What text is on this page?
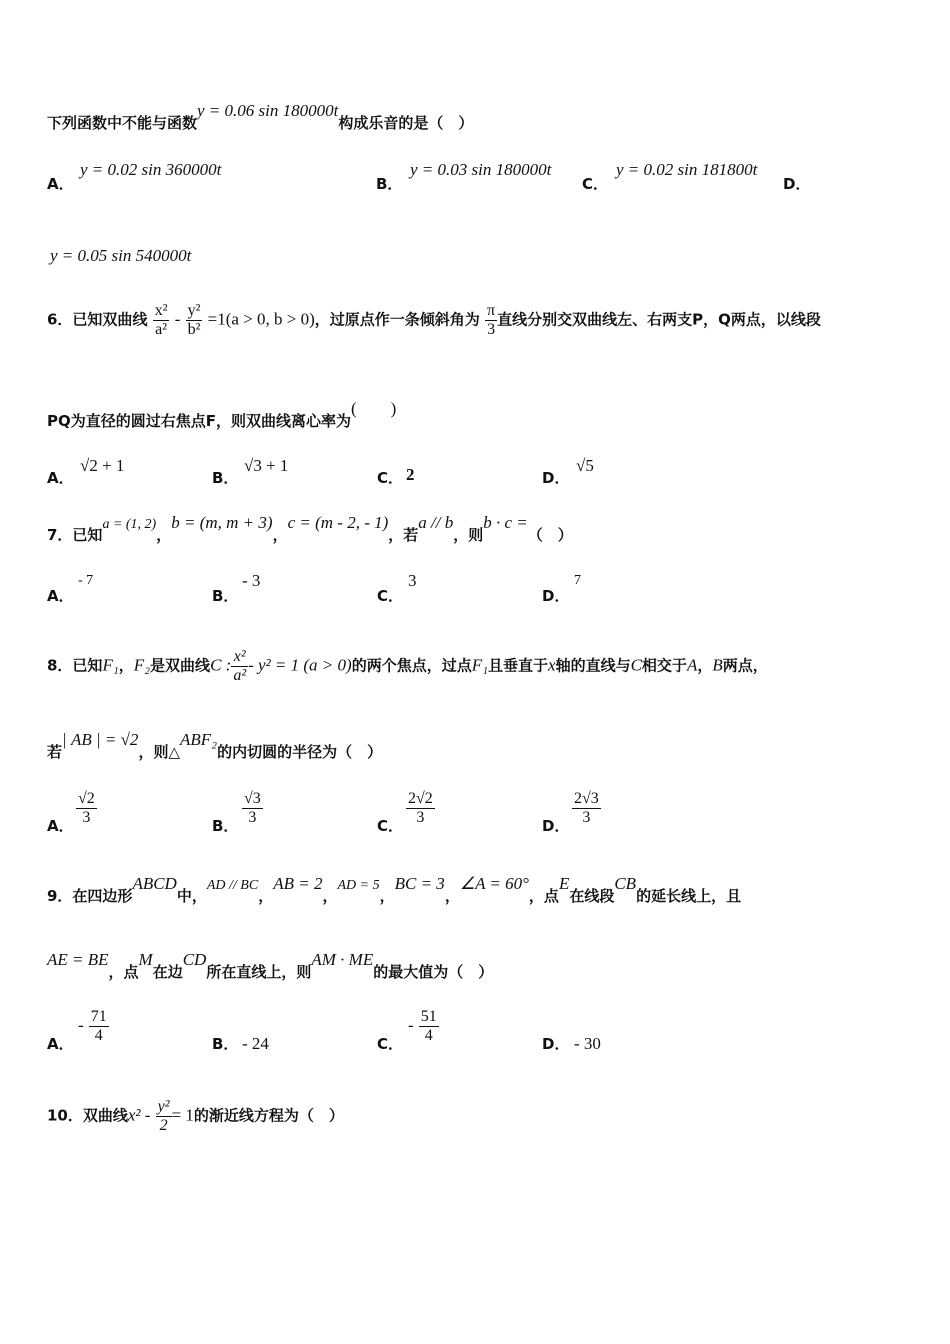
下列函数中不能与函数y = 0.06 sin 180000t构成乐音的是（　）
A．
y = 0.02 sin 360000t
B．
y = 0.03 sin 180000t
C．
y = 0.02 sin 181800t
D．
y = 0.05 sin 540000t
6．已知双曲线 $\frac{\text{x²}}{\text{a²}} - \frac{\text{y²}}{\text{b²}} =1(a > 0$, b > 0)，过原点作一条倾斜角为 $\frac{\pi}{3}$ 直线分别交双曲线左、右两支P，Q两点，以线段
PQ为直径的圆过右焦点F，则双曲线离心率为(　　)
A．
√2 + 1
B．
√3 + 1
C． 2	D．
√5
7．已知a = (1, 2)，b = (m, m + 3)，c = (m - 2, - 1)，若a // b，则b · c =（　）
A．
- 7
B．
- 3
C．
3
D．
7
8．已知F₁，F₂是双曲线C : $\frac{\text{x²}}{\text{a²}} - y^2 = 1$ (a > 0)的两个焦点，过点F₁且垂直于x轴的直线与C相交于A，B两点，
若| AB | = √2，则△ABF₂的内切圆的半径为（　）
A． $\frac{√2}{3}$	B． $\frac{√3}{3}$	C． $\frac{2√2}{3}$	D． $\frac{2√3}{3}$
9．在四边形ABCD中，AD // BC，AB = 2，AD = 5，BC = 3，∠A = 60°，点E在线段CB的延长线上，且
AE = BE，点M在边CD所在直线上，则AM · ME的最大值为（　）
A．
- $\frac{71}{4}$	B． - 24	C．
- $\frac{51}{4}$	D． - 30
10．双曲线$x^2 - \frac{\text{y²}}{2} = 1$的渐近线方程为（　）
